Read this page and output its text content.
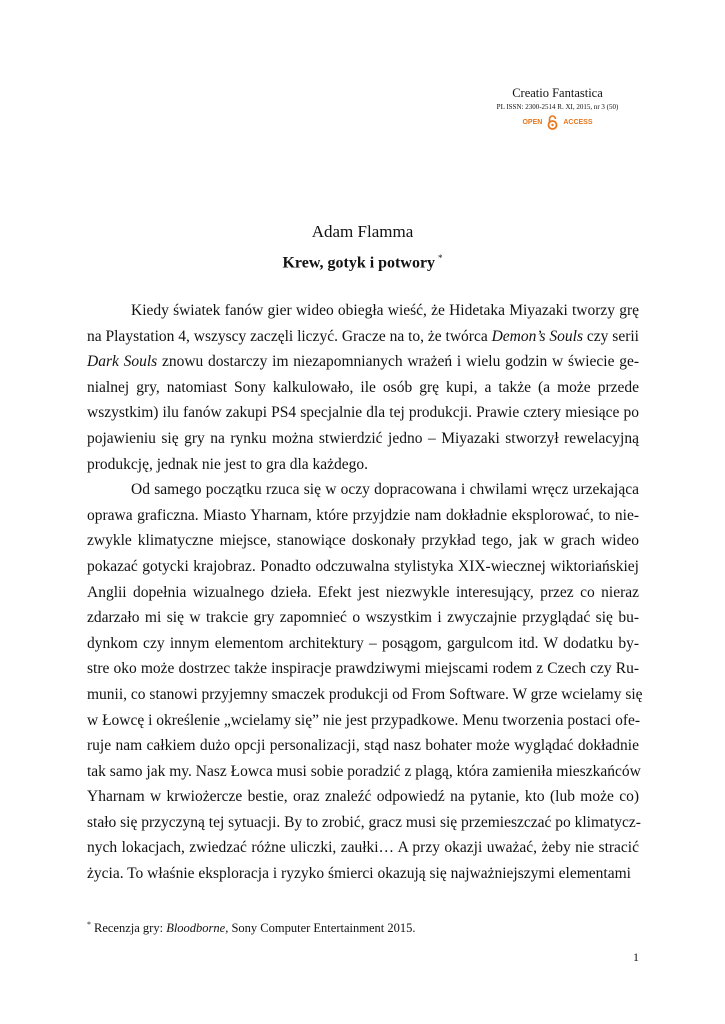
Creatio Fantastica
PL ISSN: 2300-2514 R. XI, 2015, nr 3 (50)
OPEN	ACCESS
Adam Flamma
Krew, gotyk i potwory *
Kiedy światek fanów gier wideo obiegła wieść, że Hidetaka Miyazaki tworzy grę
na Playstation 4, wszyscy zaczęli liczyć. Gracze na to, że twórca Demon’s Souls czy serii
Dark Souls znowu dostarczy im niezapomnianych wrażeń i wielu godzin w świecie ge-
nialnej gry, natomiast Sony kalkulowało, ile osób grę kupi, a także (a może przede
wszystkim) ilu fanów zakupi PS4 specjalnie dla tej produkcji. Prawie cztery miesiące po
pojawieniu się gry na rynku można stwierdzić jedno – Miyazaki stworzył rewelacyjną
produkcję, jednak nie jest to gra dla każdego.
Od samego początku rzuca się w oczy dopracowana i chwilami wręcz urzekająca
oprawa graficzna. Miasto Yharnam, które przyjdzie nam dokładnie eksplorować, to nie-
zwykle klimatyczne miejsce, stanowiące doskonały przykład tego, jak w grach wideo
pokazać gotycki krajobraz. Ponadto odczuwalna stylistyka XIX-wiecznej wiktoriańskiej
Anglii dopełnia wizualnego dzieła. Efekt jest niezwykle interesujący, przez co nieraz
zdarzało mi się w trakcie gry zapomnieć o wszystkim i zwyczajnie przyglądać się bu-
dynkom czy innym elementom architektury – posągom, gargulcom itd. W dodatku by-
stre oko może dostrzec także inspiracje prawdziwymi miejscami rodem z Czech czy Ru-
munii, co stanowi przyjemny smaczek produkcji od From Software. W grze wcielamy się
w Łowcę i określenie „wcielamy się” nie jest przypadkowe. Menu tworzenia postaci ofe-
ruje nam całkiem dużo opcji personalizacji, stąd nasz bohater może wyglądać dokładnie
tak samo jak my. Nasz Łowca musi sobie poradzić z plagą, która zamieniła mieszkańców
Yharnam w krwiożercze bestie, oraz znaleźć odpowiedź na pytanie, kto (lub może co)
stało się przyczyną tej sytuacji. By to zrobić, gracz musi się przemieszczać po klimatycz-
nych lokacjach, zwiedzać różne uliczki, zaułki… A przy okazji uważać, żeby nie stracić
życia. To właśnie eksploracja i ryzyko śmierci okazują się najważniejszymi elementami
* Recenzja gry: Bloodborne, Sony Computer Entertainment 2015.
1
